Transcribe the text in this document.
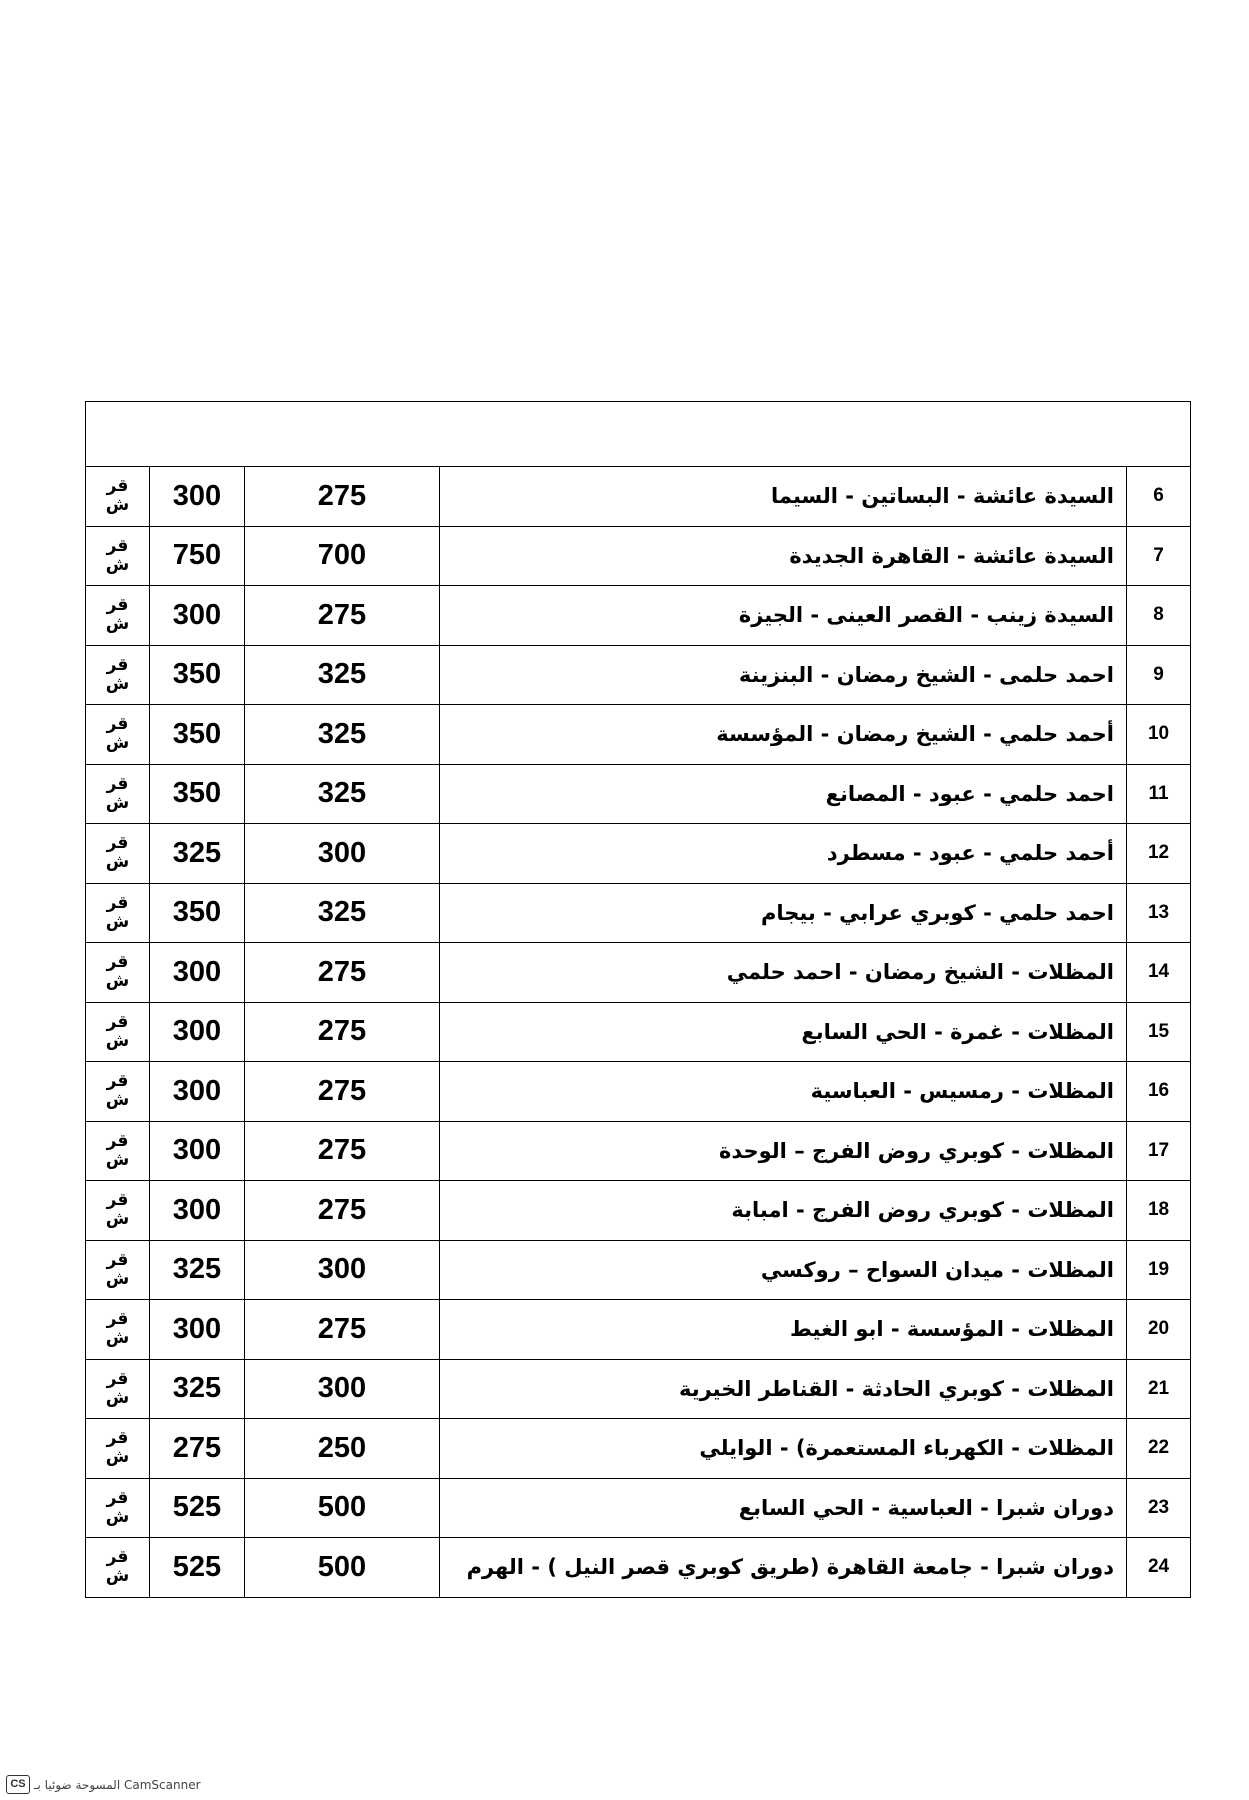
قر
ش	300	275	السيدة عائشة - البساتين - السيما	6

قر
ش	750	700	السيدة عائشة - القاهرة الجديدة	7

قر
ش	300	275	السيدة زينب - القصر العينى - الجيزة	8

قر
ش	350	325	احمد حلمى - الشيخ رمضان - البنزينة	9

قر
ش	350	325	أحمد حلمي - الشيخ رمضان - المؤسسة	10

قر
ش	350	325	احمد حلمي - عبود - المصانع	11

قر
ش	325	300	أحمد حلمي - عبود - مسطرد	12

قر
ش	350	325	احمد حلمي - كوبري عرابي - بيجام	13

قر
ش	300	275	المظلات - الشيخ رمضان - احمد حلمي	14

قر
ش	300	275	المظلات - غمرة - الحي السابع	15

قر
ش	300	275	المظلات - رمسيس - العباسية	16

قر
ش	300	275	المظلات - كوبري روض الفرج – الوحدة	17

قر
ش	300	275	المظلات - كوبري روض الفرج - امبابة	18

قر
ش	325	300	المظلات - ميدان السواح – روكسي	19

قر
ش	300	275	المظلات - المؤسسة - ابو الغيط	20

قر
ش	325	300	المظلات - كوبري الحادثة - القناطر الخيرية	21

قر
ش	275	250	المظلات - الكهرباء المستعمرة) - الوايلي	22

قر
ش	525	500	دوران شبرا - العباسية - الحي السابع	23

قر
ش	525	500	دوران شبرا - جامعة القاهرة (طريق كوبري قصر النيل ) - الهرم	24
CS المسوحة ضوئيا بـ CamScanner
